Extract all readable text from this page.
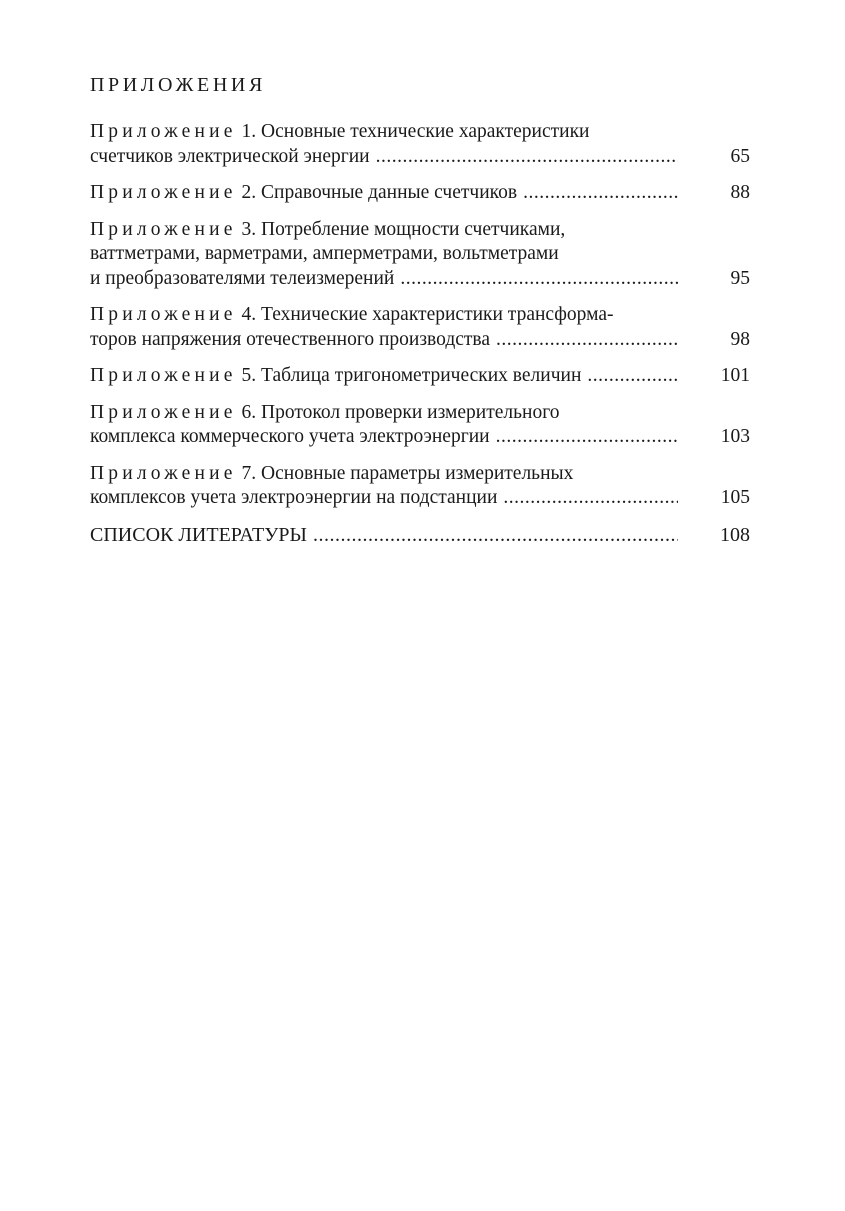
ПРИЛОЖЕНИЯ
Приложение 1. Основные технические характеристики
счетчиков электрической энергии .....	65
Приложение 2. Справочные данные счетчиков .....	88
Приложение 3. Потребление мощности счетчиками,
ваттметрами, варметрами, амперметрами, вольтметрами
и преобразователями телеизмерений .....	95
Приложение 4. Технические характеристики трансформа-
торов напряжения отечественного производства .....	98
Приложение 5. Таблица тригонометрических величин .....	101
Приложение 6. Протокол проверки измерительного
комплекса коммерческого учета электроэнергии .....	103
Приложение 7. Основные параметры измерительных
комплексов учета электроэнергии на подстанции .....	105
СПИСОК ЛИТЕРАТУРЫ .....	108
